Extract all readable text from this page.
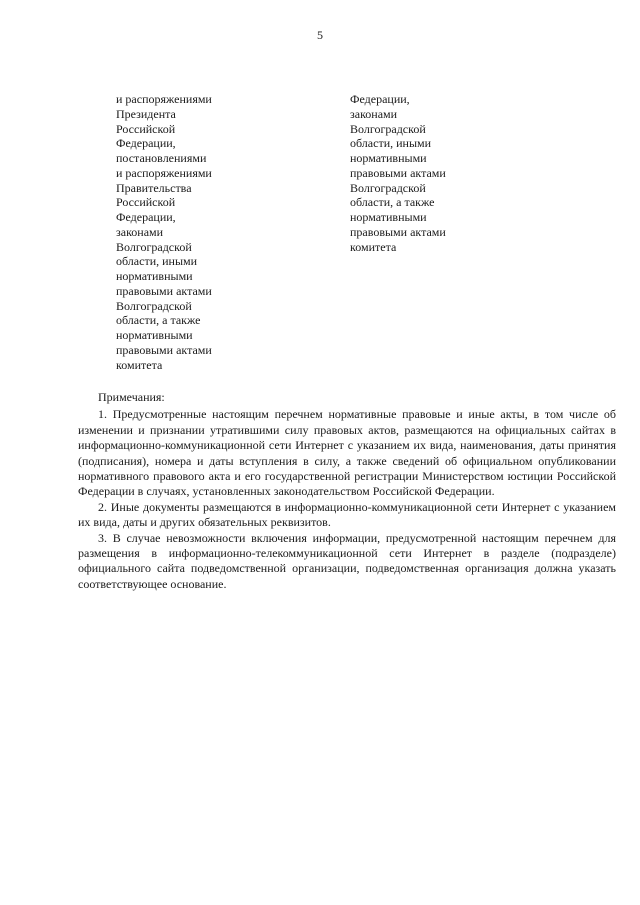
5
и распоряжениями
Президента
Российской
Федерации,
постановлениями
и распоряжениями
Правительства
Российской
Федерации,
законами
Волгоградской
области, иными
нормативными
правовыми актами
Волгоградской
области, а также
нормативными
правовыми актами
комитета
Федерации,
законами
Волгоградской
области, иными
нормативными
правовыми актами
Волгоградской
области, а также
нормативными
правовыми актами
комитета

Примечания:

1. Предусмотренные настоящим перечнем нормативные правовые и иные акты, в том числе об изменении и признании утратившими силу правовых актов, размещаются на официальных сайтах в информационно-коммуникационной сети Интернет с указанием их вида, наименования, даты принятия (подписания), номера и даты вступления в силу, а также сведений об официальном опубликовании нормативного правового акта и его государственной регистрации Министерством юстиции Российской Федерации в случаях, установленных законодательством Российской Федерации.

2. Иные документы размещаются в информационно-коммуникационной сети Интернет с указанием их вида, даты и других обязательных реквизитов.

3. В случае невозможности включения информации, предусмотренной настоящим перечнем для размещения в информационно-телекоммуникационной сети Интернет в разделе (подразделе) официального сайта подведомственной организации, подведомственная организация должна указать соответствующее основание.
